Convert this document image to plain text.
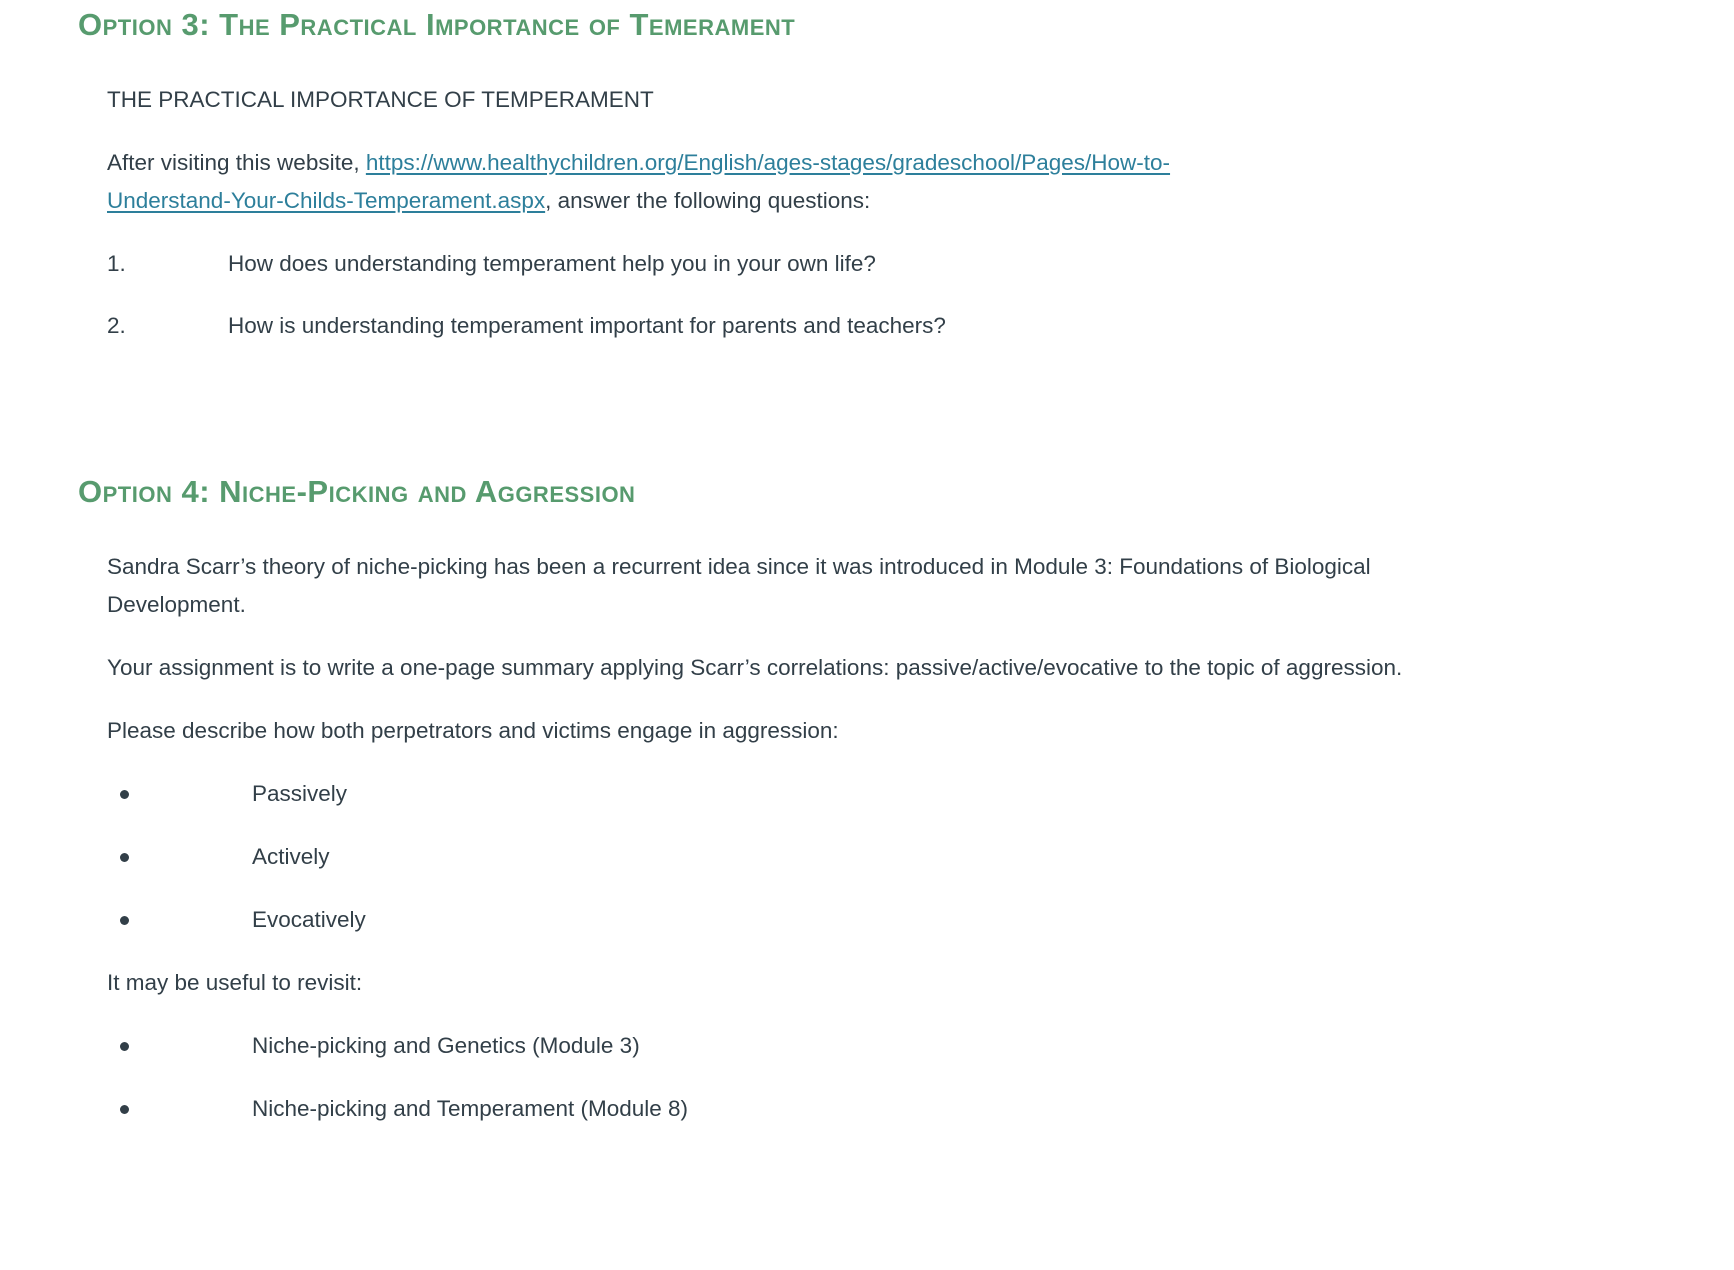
Option 3: The Practical Importance of Temerament

THE PRACTICAL IMPORTANCE OF TEMPERAMENT

After visiting this website, https://www.healthychildren.org/English/ages-stages/gradeschool/Pages/How-to-
Understand-Your-Childs-Temperament.aspx, answer the following questions:

1.	How does understanding temperament help you in your own life?
2.	How is understanding temperament important for parents and teachers?
Option 4: Niche-Picking and Aggression

Sandra Scarr’s theory of niche-picking has been a recurrent idea since it was introduced in Module 3: Foundations of Biological Development.

Your assignment is to write a one-page summary applying Scarr’s correlations: passive/active/evocative to the topic of aggression.

Please describe how both perpetrators and victims engage in aggression:

Passively
Actively
Evocatively

It may be useful to revisit:

Niche-picking and Genetics (Module 3)
Niche-picking and Temperament (Module 8)
